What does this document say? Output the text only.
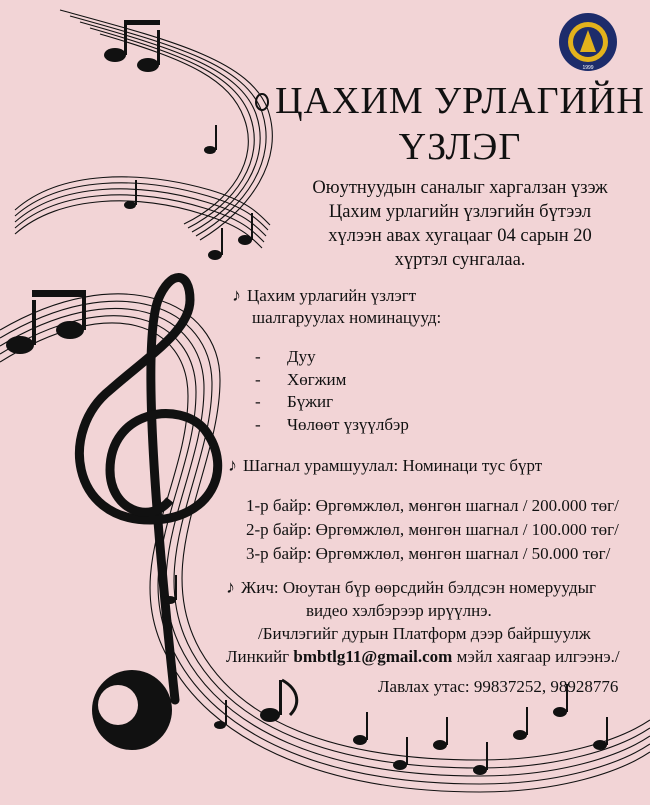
1999
ЦАХИМ УРЛАГИЙН
ҮЗЛЭГ
Оюутнуудын саналыг харгалзан үзэж
Цахим урлагийн үзлэгийн бүтээл
хүлээн авах хугацааг 04 сарын 20
хүртэл сунгалаа.
♪ Цахим урлагийн үзлэгт
шалгаруулах номинацууд:
- Дуу
- Хөгжим
- Бүжиг
- Чөлөөт үзүүлбэр
♪ Шагнал урамшуулал: Номинаци тус бүрт
1-р байр: Өргөмжлөл, мөнгөн шагнал / 200.000 төг/
2-р байр: Өргөмжлөл, мөнгөн шагнал / 100.000 төг/
3-р байр: Өргөмжлөл, мөнгөн шагнал / 50.000 төг/
♪ Жич: Оюутан бүр өөрсдийн бэлдсэн номеруудыг
видео хэлбэрээр ирүүлнэ.
/Бичлэгийг дурын Платформ дээр байршуулж
Линкийг bmbtlg11@gmail.com мэйл хаягаар илгээнэ./
Лавлах утас: 99837252, 98928776
